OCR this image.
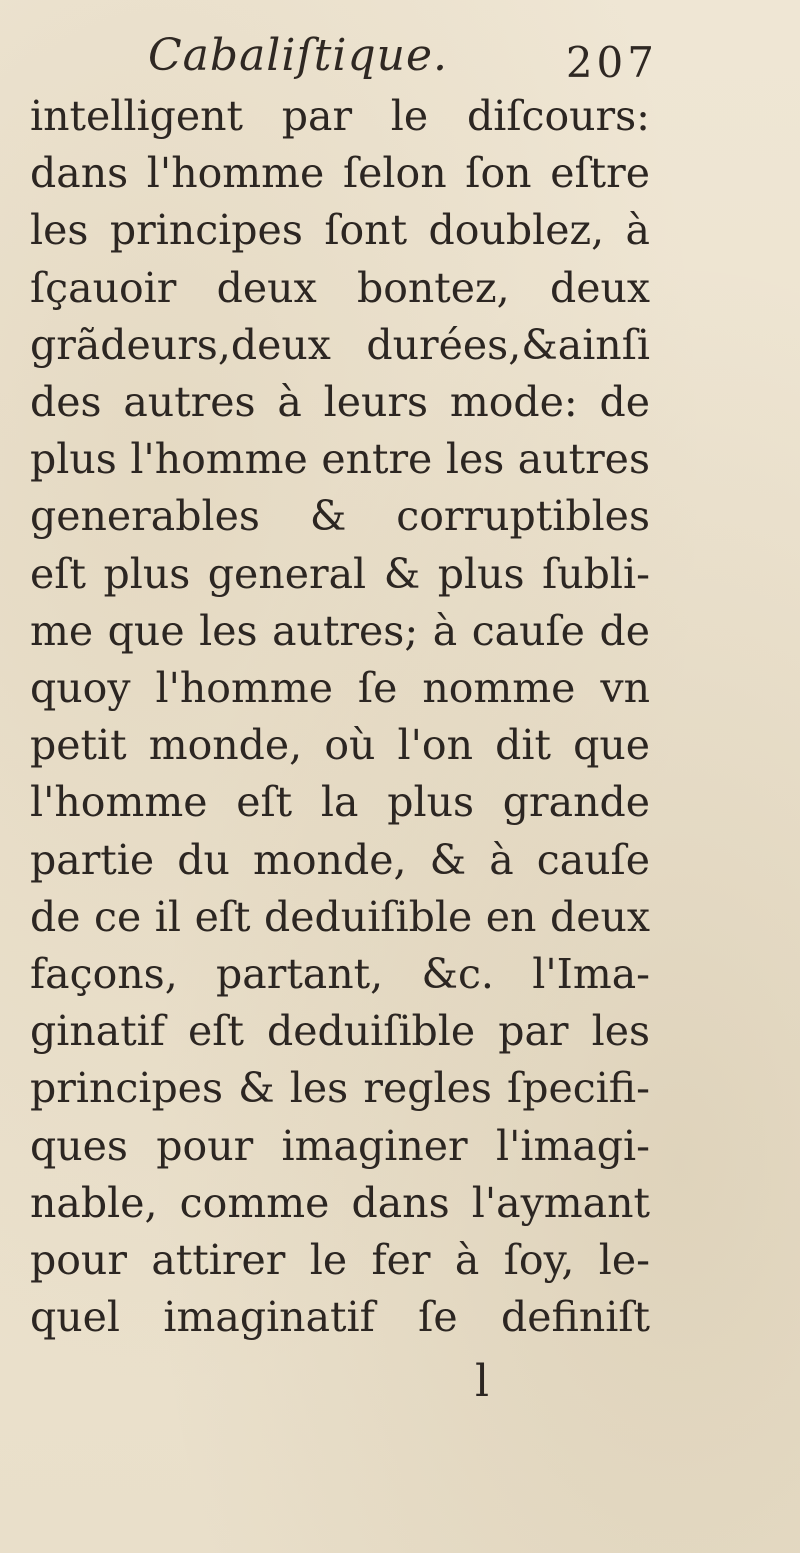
Cabaliſtique.	207
intelligent par le diſcours:
dans l'homme ſelon ſon eſtre
les principes ſont doublez, à
ſçauoir deux bontez, deux
grãdeurs,deux durées,&ainſi
des autres à leurs mode: de
plus l'homme entre les autres
generables & corruptibles
eſt plus general & plus ſubli-
me que les autres; à cauſe de
quoy l'homme ſe nomme vn
petit monde, où l'on dit que
l'homme eſt la plus grande
partie du monde, & à cauſe
de ce il eſt deduiſible en deux
façons, partant, &c. l'Ima-
ginatif eſt deduiſible par les
principes & les regles ſpecifi-
ques pour imaginer l'imagi-
nable, comme dans l'aymant
pour attirer le fer à ſoy, le-
quel imaginatif ſe definiſt
l
